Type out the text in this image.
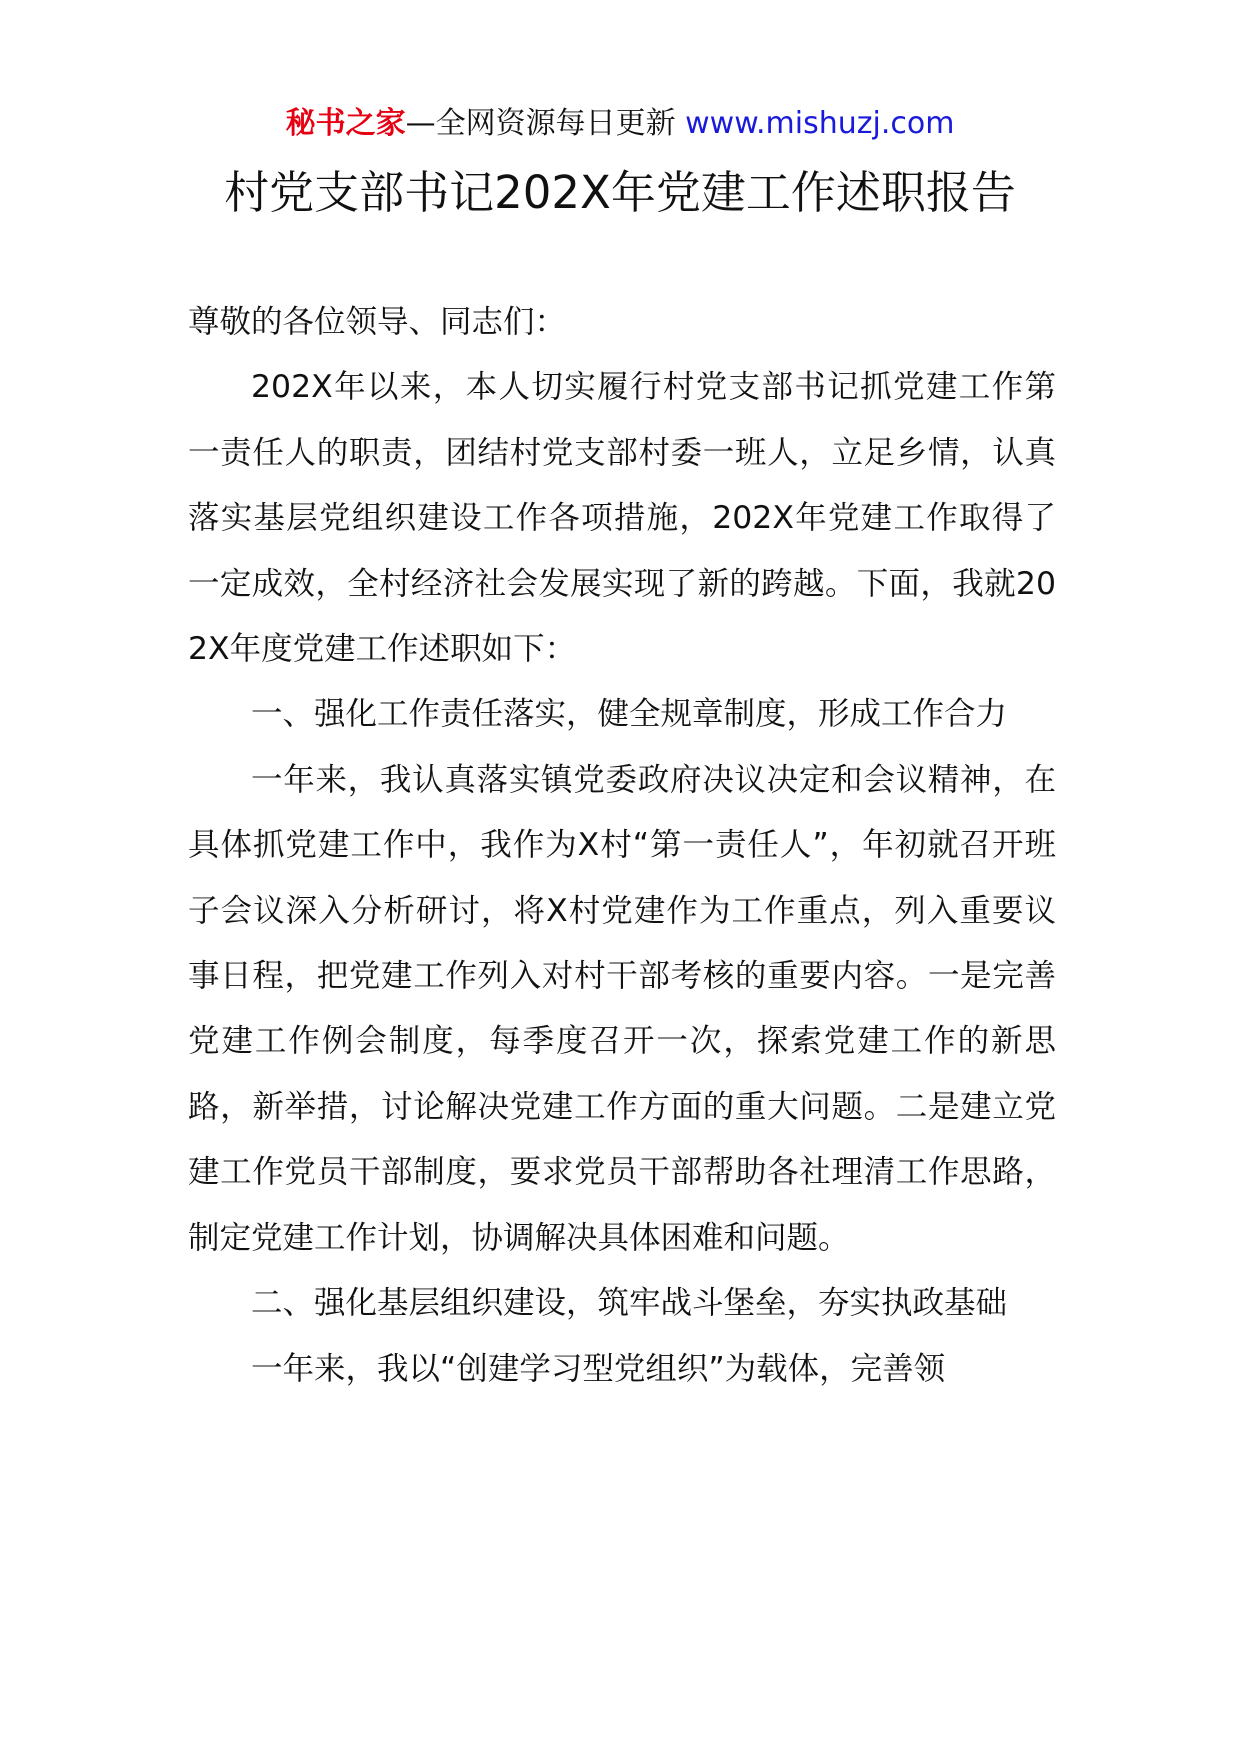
秘书之家—全网资源每日更新 www.mishuzj.com
村党支部书记202X年党建工作述职报告

尊敬的各位领导、同志们：

202X年以来，本人切实履行村党支部书记抓党建工作第一责任人的职责，团结村党支部村委一班人，立足乡情，认真落实基层党组织建设工作各项措施，202X年党建工作取得了一定成效，全村经济社会发展实现了新的跨越。下面，我就202X年度党建工作述职如下：

一、强化工作责任落实，健全规章制度，形成工作合力

一年来，我认真落实镇党委政府决议决定和会议精神，在具体抓党建工作中，我作为X村“第一责任人”，年初就召开班子会议深入分析研讨，将X村党建作为工作重点，列入重要议事日程，把党建工作列入对村干部考核的重要内容。一是完善党建工作例会制度，每季度召开一次，探索党建工作的新思路，新举措，讨论解决党建工作方面的重大问题。二是建立党建工作党员干部制度，要求党员干部帮助各社理清工作思路，制定党建工作计划，协调解决具体困难和问题。

二、强化基层组织建设，筑牢战斗堡垒，夯实执政基础

一年来，我以“创建学习型党组织”为载体，完善领
